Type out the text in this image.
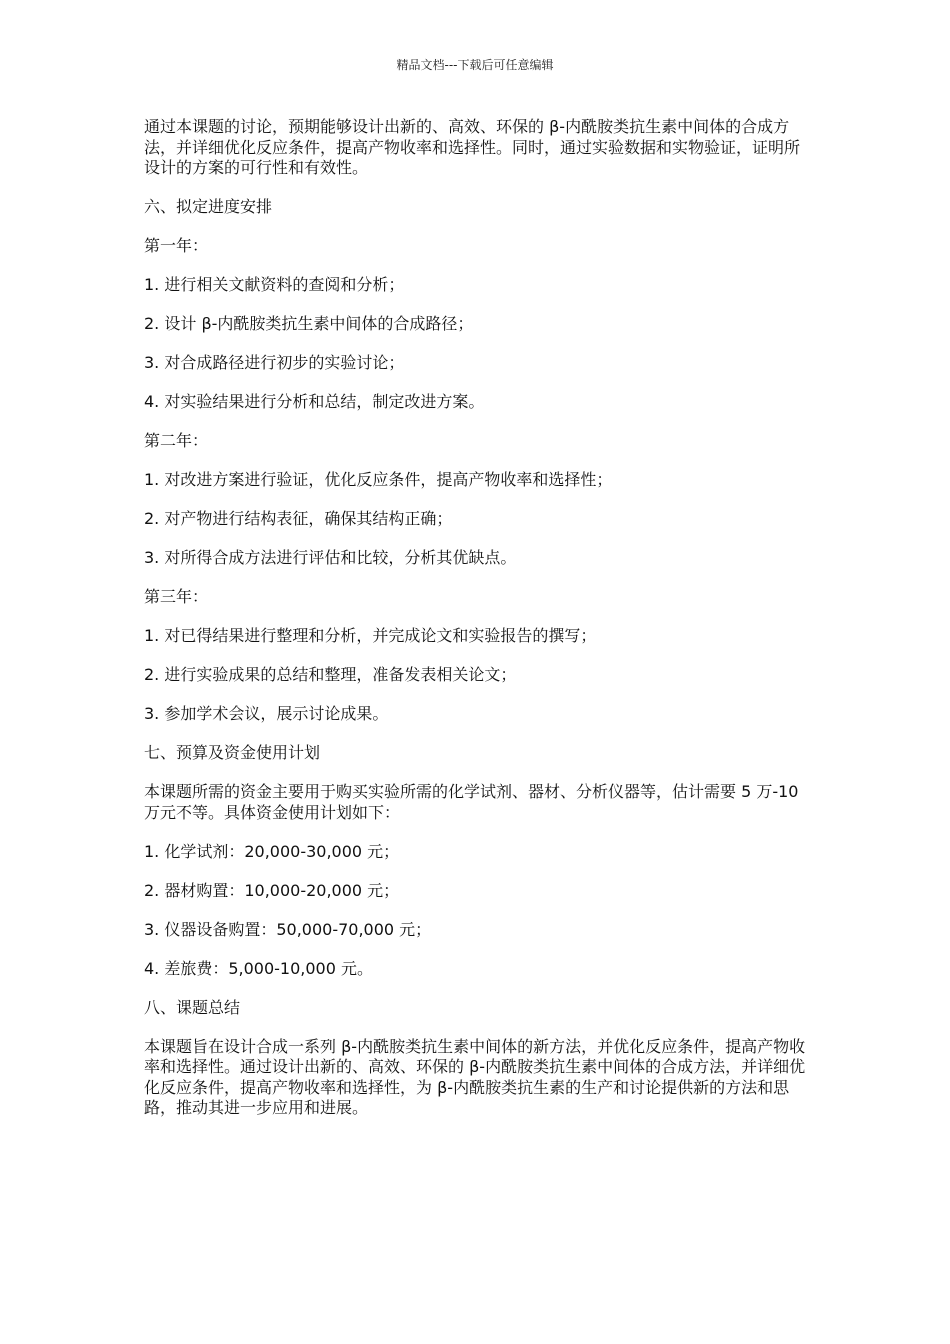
精品文档---下载后可任意编辑

通过本课题的讨论，预期能够设计出新的、高效、环保的 β-内酰胺类抗生素中间体的合成方法，并详细优化反应条件，提高产物收率和选择性。同时，通过实验数据和实物验证，证明所设计的方案的可行性和有效性。

六、拟定进度安排

第一年：

1. 进行相关文献资料的查阅和分析；

2. 设计 β-内酰胺类抗生素中间体的合成路径；

3. 对合成路径进行初步的实验讨论；

4. 对实验结果进行分析和总结，制定改进方案。

第二年：

1. 对改进方案进行验证，优化反应条件，提高产物收率和选择性；

2. 对产物进行结构表征，确保其结构正确；

3. 对所得合成方法进行评估和比较，分析其优缺点。

第三年：

1. 对已得结果进行整理和分析，并完成论文和实验报告的撰写；

2. 进行实验成果的总结和整理，准备发表相关论文；

3. 参加学术会议，展示讨论成果。

七、预算及资金使用计划

本课题所需的资金主要用于购买实验所需的化学试剂、器材、分析仪器等，估计需要 5 万-10 万元不等。具体资金使用计划如下：

1. 化学试剂：20,000-30,000 元；

2. 器材购置：10,000-20,000 元；

3. 仪器设备购置：50,000-70,000 元；

4. 差旅费：5,000-10,000 元。

八、课题总结

本课题旨在设计合成一系列 β-内酰胺类抗生素中间体的新方法，并优化反应条件，提高产物收率和选择性。通过设计出新的、高效、环保的 β-内酰胺类抗生素中间体的合成方法，并详细优化反应条件，提高产物收率和选择性，为 β-内酰胺类抗生素的生产和讨论提供新的方法和思路，推动其进一步应用和进展。
